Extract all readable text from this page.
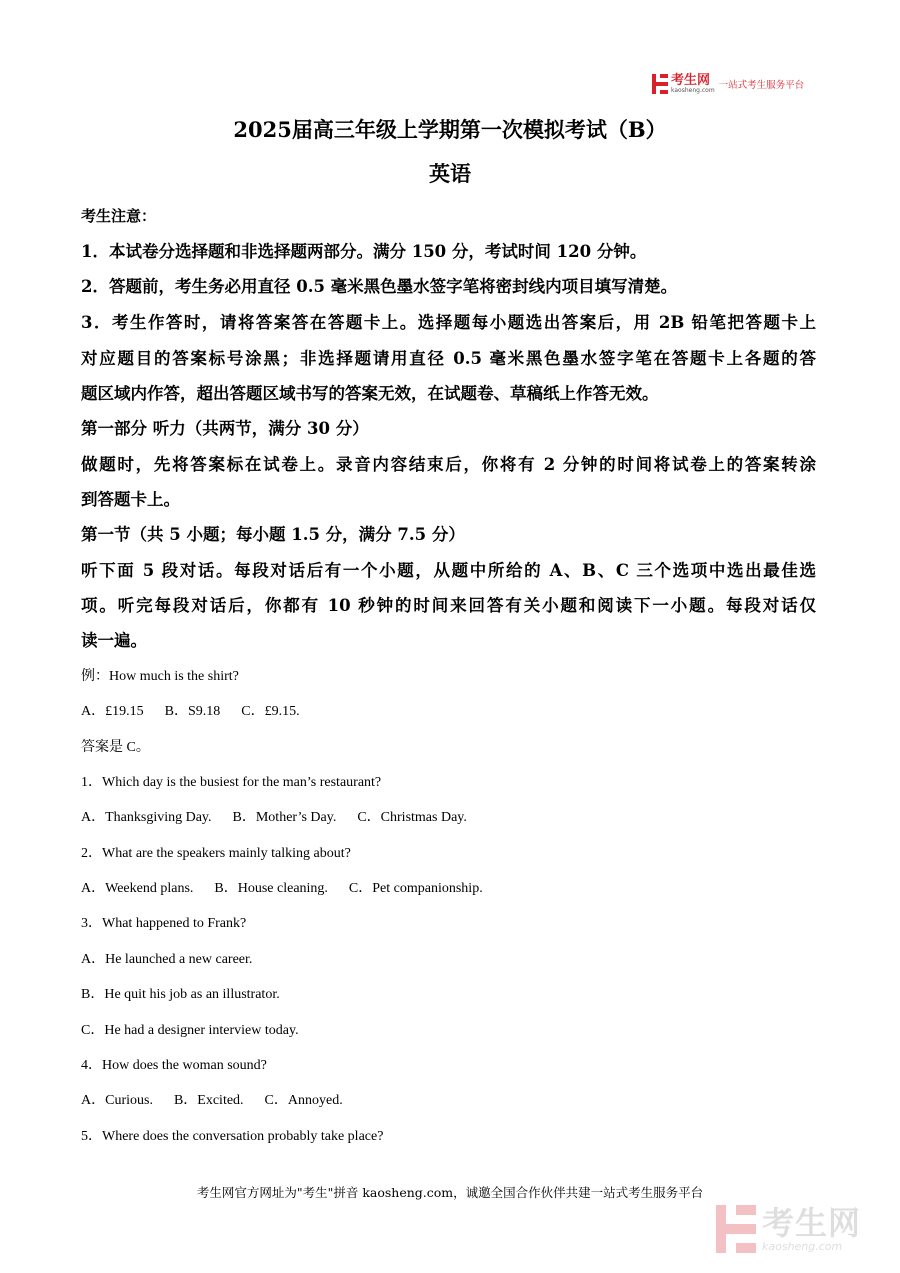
考生网
kaosheng.com 一站式考生服务平台
2025届高三年级上学期第一次模拟考试（B）
英语
考生注意：
1．本试卷分选择题和非选择题两部分。满分 150 分，考试时间 120 分钟。
2．答题前，考生务必用直径 0.5 毫米黑色墨水签字笔将密封线内项目填写清楚。
3．考生作答时，请将答案答在答题卡上。选择题每小题选出答案后，用 2B 铅笔把答题卡上
对应题目的答案标号涂黑；非选择题请用直径 0.5 毫米黑色墨水签字笔在答题卡上各题的答
题区域内作答，超出答题区域书写的答案无效，在试题卷、草稿纸上作答无效。
第一部分 听力（共两节，满分 30 分）
做题时，先将答案标在试卷上。录音内容结束后，你将有 2 分钟的时间将试卷上的答案转涂
到答题卡上。
第一节（共 5 小题；每小题 1.5 分，满分 7.5 分）
听下面 5 段对话。每段对话后有一个小题，从题中所给的 A、B、C 三个选项中选出最佳选
项。听完每段对话后，你都有 10 秒钟的时间来回答有关小题和阅读下一小题。每段对话仅
读一遍。
例：How much is the shirt?
A．£19.15      B．S9.18      C．£9.15.
答案是 C。
1．Which day is the busiest for the man’s restaurant?
A．Thanksgiving Day.      B．Mother’s Day.      C．Christmas Day.
2．What are the speakers mainly talking about?
A．Weekend plans.      B．House cleaning.      C．Pet companionship.
3．What happened to Frank?
A．He launched a new career.
B．He quit his job as an illustrator.
C．He had a designer interview today.
4．How does the woman sound?
A．Curious.      B．Excited.      C．Annoyed.
5．Where does the conversation probably take place?
考生网官方网址为"考生"拼音 kaosheng.com，诚邀全国合作伙伴共建一站式考生服务平台
考生网
kaosheng.com
